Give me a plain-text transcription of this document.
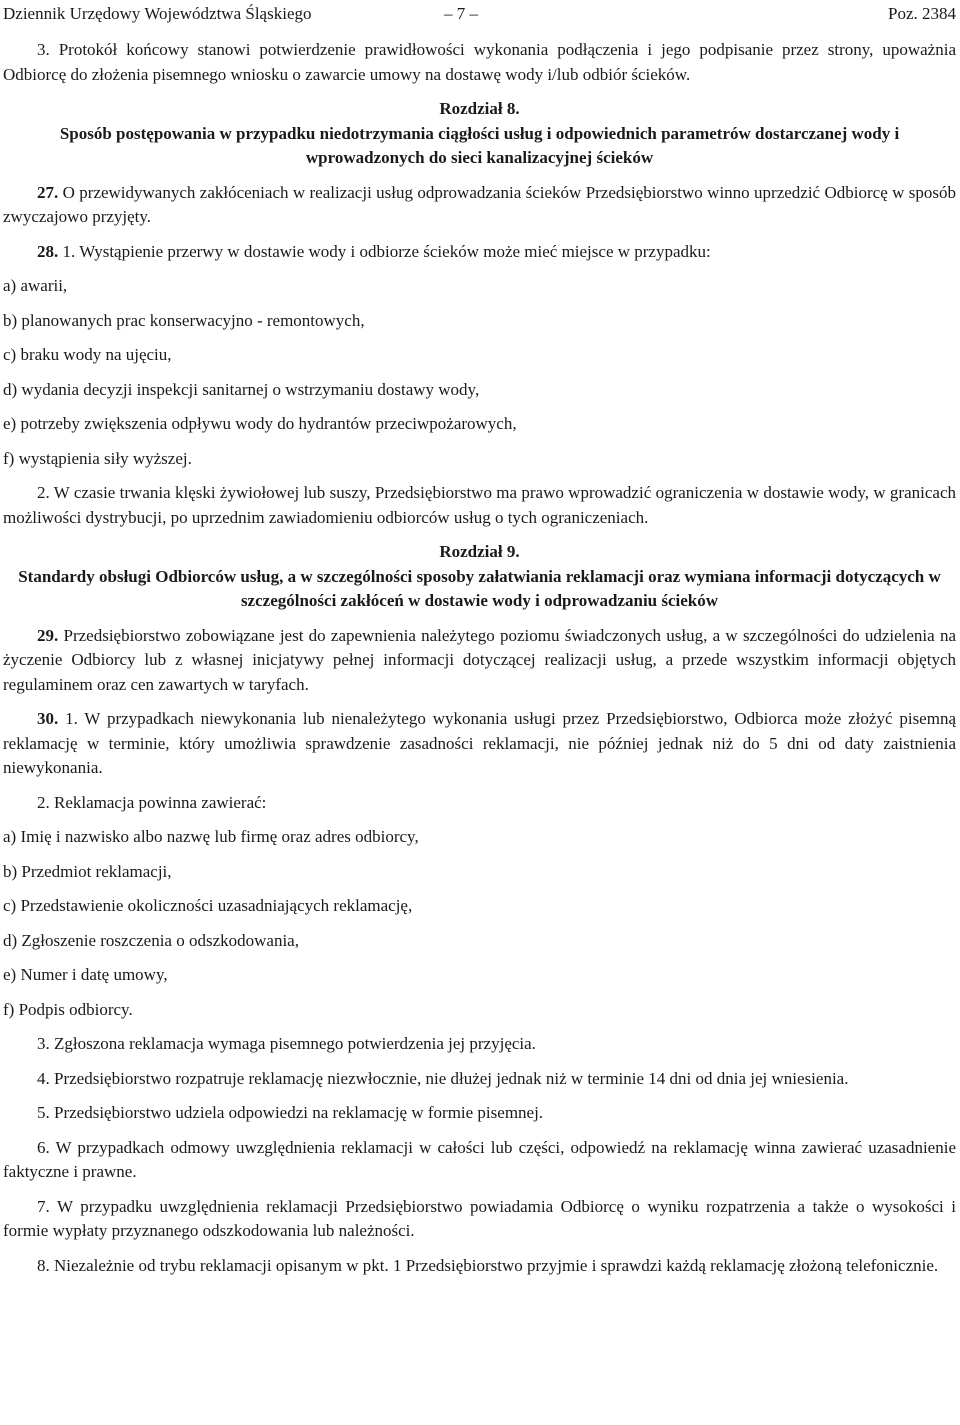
Dziennik Urzędowy Województwa Śląskiego	– 7 –	Poz. 2384

3. Protokół końcowy stanowi potwierdzenie prawidłowości wykonania podłączenia i jego podpisanie przez strony, upoważnia Odbiorcę do złożenia pisemnego wniosku o zawarcie umowy na dostawę wody i/lub odbiór ścieków.

Rozdział 8.

Sposób postępowania w przypadku niedotrzymania ciągłości usług i odpowiednich parametrów dostarczanej wody i wprowadzonych do sieci kanalizacyjnej ścieków

27. O przewidywanych zakłóceniach w realizacji usług odprowadzania ścieków Przedsiębiorstwo winno uprzedzić Odbiorcę w sposób zwyczajowo przyjęty.

28. 1. Wystąpienie przerwy w dostawie wody i odbiorze ścieków może mieć miejsce w przypadku:

a) awarii,

b) planowanych prac konserwacyjno - remontowych,

c) braku wody na ujęciu,

d) wydania decyzji inspekcji sanitarnej o wstrzymaniu dostawy wody,

e) potrzeby zwiększenia odpływu wody do hydrantów przeciwpożarowych,

f) wystąpienia siły wyższej.

2. W czasie trwania klęski żywiołowej lub suszy, Przedsiębiorstwo ma prawo wprowadzić ograniczenia w dostawie wody, w granicach możliwości dystrybucji, po uprzednim zawiadomieniu odbiorców usług o tych ograniczeniach.

Rozdział 9.

Standardy obsługi Odbiorców usług, a w szczególności sposoby załatwiania reklamacji oraz wymiana informacji dotyczących w szczególności zakłóceń w dostawie wody i odprowadzaniu ścieków

29. Przedsiębiorstwo zobowiązane jest do zapewnienia należytego poziomu świadczonych usług, a w szczególności do udzielenia na życzenie Odbiorcy lub z własnej inicjatywy pełnej informacji dotyczącej realizacji usług, a przede wszystkim informacji objętych regulaminem oraz cen zawartych w taryfach.

30. 1. W przypadkach niewykonania lub nienależytego wykonania usługi przez Przedsiębiorstwo, Odbiorca może złożyć pisemną reklamację w terminie, który umożliwia sprawdzenie zasadności reklamacji, nie później jednak niż do 5 dni od daty zaistnienia niewykonania.

2. Reklamacja powinna zawierać:

a) Imię i nazwisko albo nazwę lub firmę oraz adres odbiorcy,

b) Przedmiot reklamacji,

c) Przedstawienie okoliczności uzasadniających reklamację,

d) Zgłoszenie roszczenia o odszkodowania,

e) Numer i datę umowy,

f) Podpis odbiorcy.

3. Zgłoszona reklamacja wymaga pisemnego potwierdzenia jej przyjęcia.

4. Przedsiębiorstwo rozpatruje reklamację niezwłocznie, nie dłużej jednak niż w terminie 14 dni od dnia jej wniesienia.

5. Przedsiębiorstwo udziela odpowiedzi na reklamację w formie pisemnej.

6. W przypadkach odmowy uwzględnienia reklamacji w całości lub części, odpowiedź na reklamację winna zawierać uzasadnienie faktyczne i prawne.

7. W przypadku uwzględnienia reklamacji Przedsiębiorstwo powiadamia Odbiorcę o wyniku rozpatrzenia a także o wysokości i formie wypłaty przyznanego odszkodowania lub należności.

8. Niezależnie od trybu reklamacji opisanym w pkt. 1 Przedsiębiorstwo przyjmie i sprawdzi każdą reklamację złożoną telefonicznie.
